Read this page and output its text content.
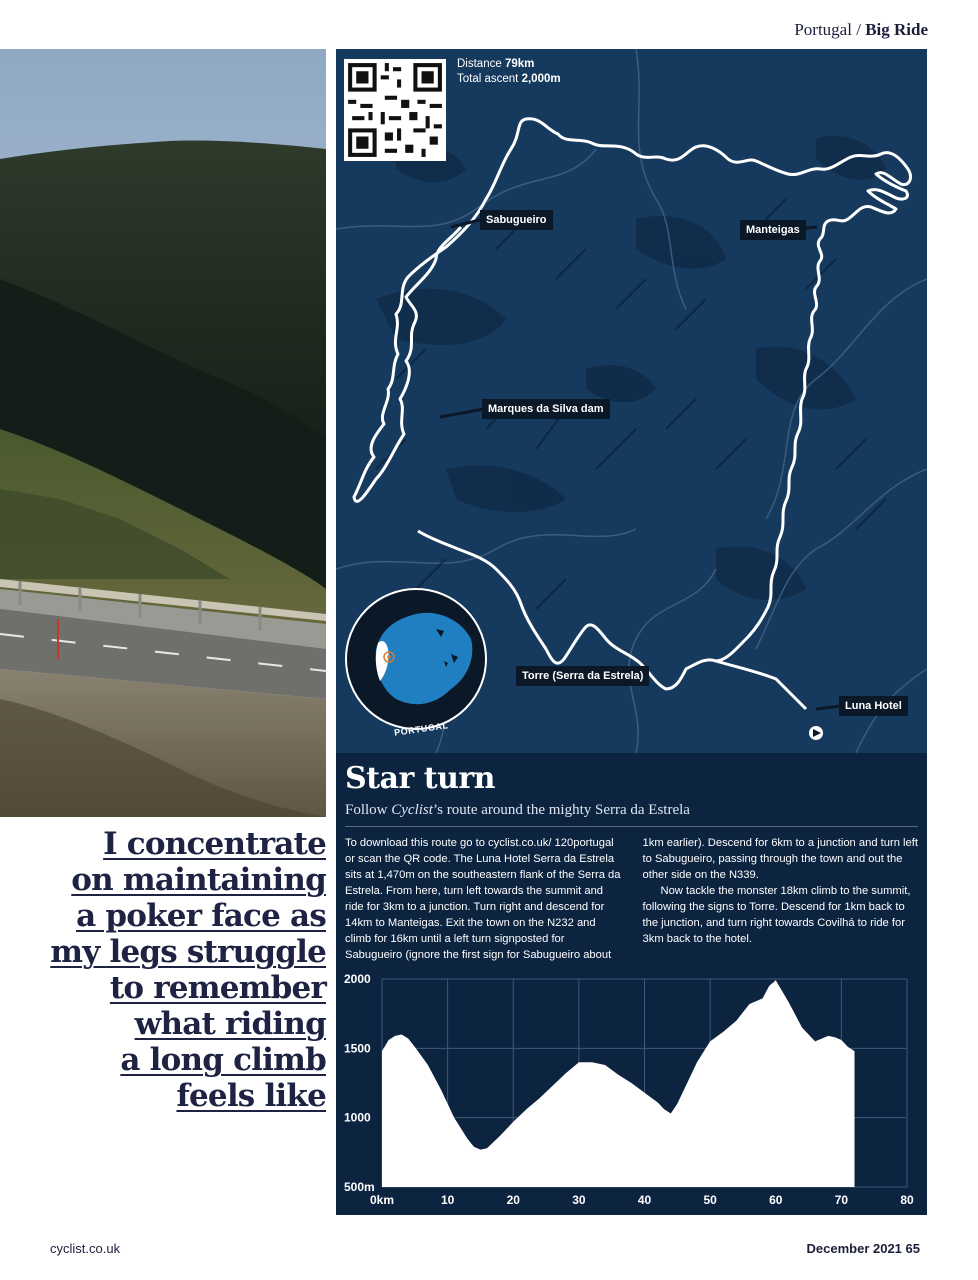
Portugal / Big Ride
I concentrate
on maintaining
a poker face as
my legs struggle
to remember
what riding
a long climb
feels like
Distance 79km
Total ascent 2,000m
Sabugueiro
Manteigas
Marques da Silva dam
Torre (Serra da Estrela)
Luna Hotel
PORTUGAL
Star turn
Follow Cyclist’s route around the mighty Serra da Estrela

To download this route go to cyclist.co.uk/ 120portugal or scan the QR code. The Luna Hotel Serra da Estrela sits at 1,470m on the southeastern flank of the Serra da Estrela. From here, turn left towards the summit and ride for 3km to a junction. Turn right and descend for 14km to Manteigas. Exit the town on the N232 and climb for 16km until a left turn signposted for Sabugueiro (ignore the first sign for Sabugueiro about 1km earlier). Descend for 6km to a junction and turn left to Sabugueiro, passing through the town and out the other side on the N339.

Now tackle the monster 18km climb to the summit, following the signs to Torre. Descend for 1km back to the junction, and turn right towards Covilhá to ride for 3km back to the hotel.

0km	10	20	30	40	50	60	70	80
500m
1000
1500
2000
cyclist.co.uk	December 2021 65
